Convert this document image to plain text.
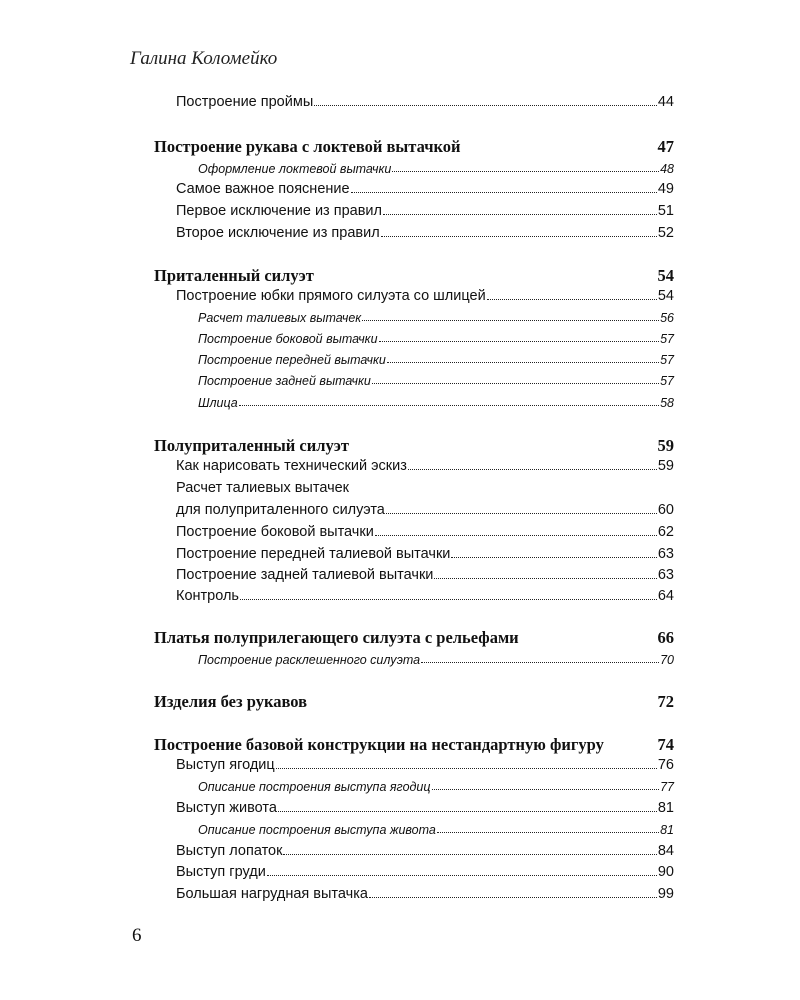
Галина Коломейко
Построение проймы	44
Построение рукава с локтевой вытачкой	47
Оформление локтевой вытачки	48
Самое важное пояснение	49
Первое исключение из правил	51
Второе исключение из правил	52
Приталенный силуэт	54
Построение юбки прямого силуэта со шлицей	54
Расчет талиевых вытачек	56
Построение боковой вытачки	57
Построение передней вытачки	57
Построение задней вытачки	57
Шлица	58
Полуприталенный силуэт	59
Как нарисовать технический эскиз	59
Расчет талиевых вытачек
для полуприталенного силуэта	60
Построение боковой вытачки	62
Построение передней талиевой вытачки	63
Построение задней талиевой вытачки	63
Контроль	64
Платья полуприлегающего силуэта с рельефами	66
Построение расклешенного силуэта	70
Изделия без рукавов	72
Построение базовой конструкции на нестандартную фигуру	74
Выступ ягодиц	76
Описание построения выступа ягодиц	77
Выступ живота	81
Описание построения выступа живота	81
Выступ лопаток	84
Выступ груди	90
Большая нагрудная вытачка	99
6
